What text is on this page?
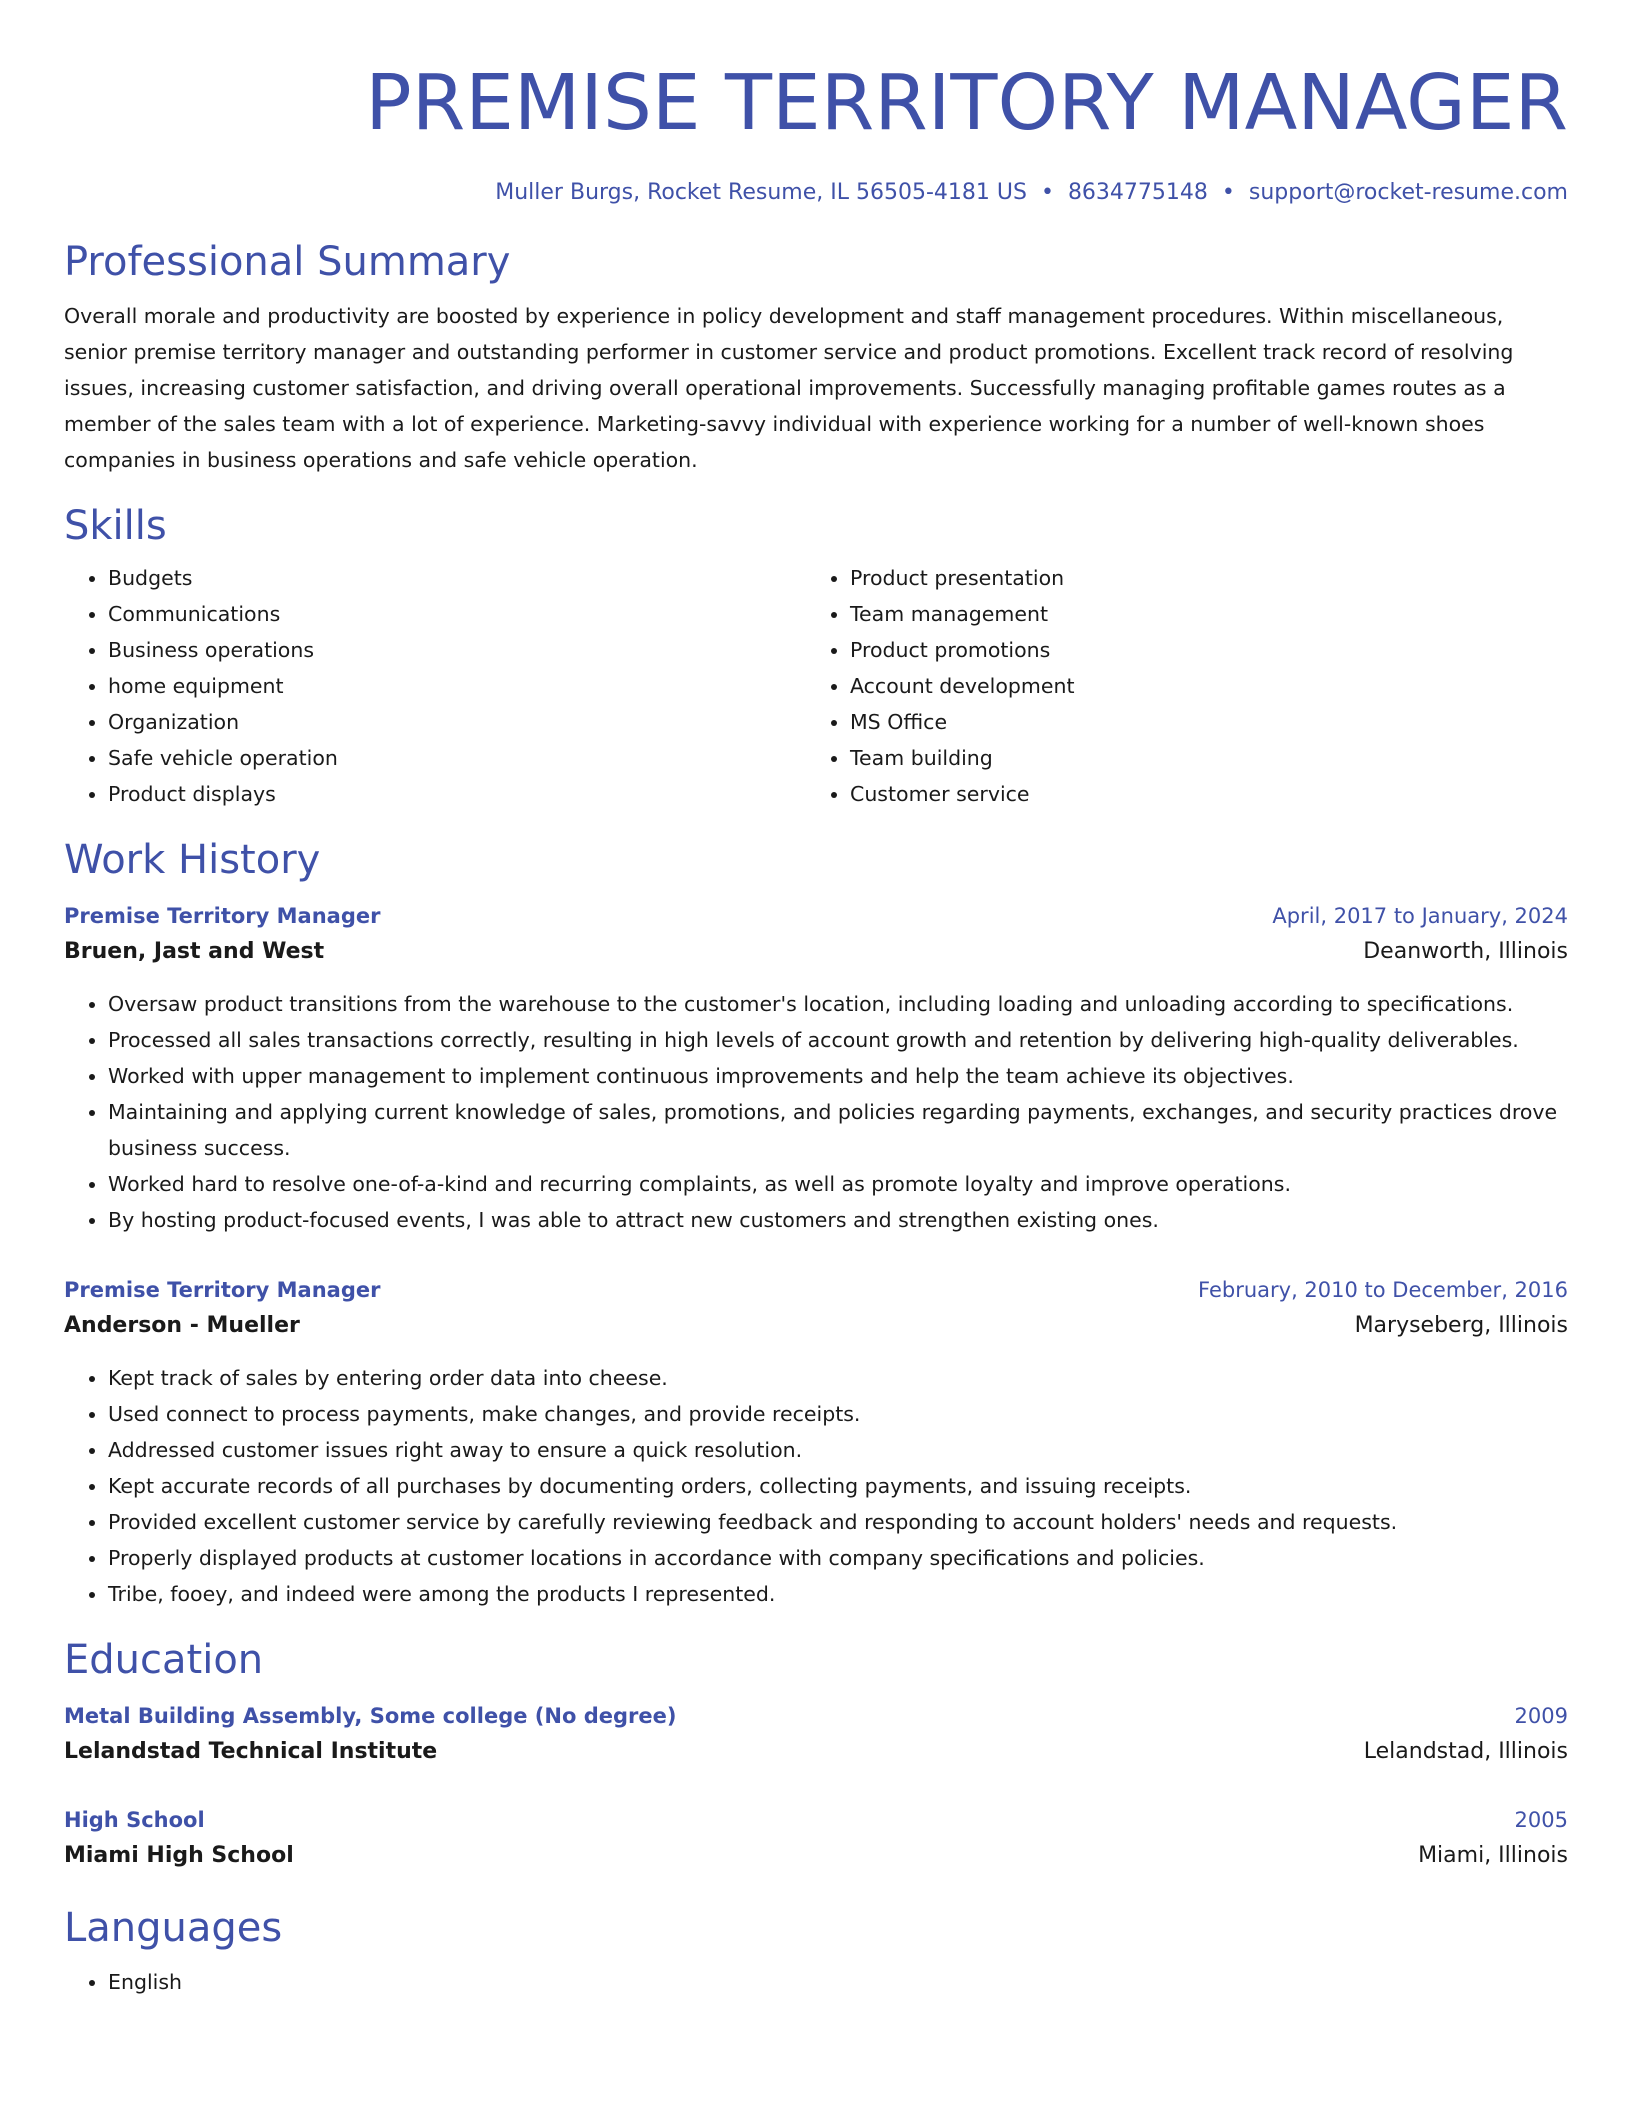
PREMISE TERRITORY MANAGER
Muller Burgs, Rocket Resume, IL 56505-4181 US • 8634775148 • support@rocket-resume.com
Professional Summary
Overall morale and productivity are boosted by experience in policy development and staff management procedures. Within miscellaneous, senior premise territory manager and outstanding performer in customer service and product promotions. Excellent track record of resolving issues, increasing customer satisfaction, and driving overall operational improvements. Successfully managing profitable games routes as a member of the sales team with a lot of experience. Marketing-savvy individual with experience working for a number of well-known shoes companies in business operations and safe vehicle operation.
Skills
• Budgets
• Communications
• Business operations
• home equipment
• Organization
• Safe vehicle operation
• Product displays
• Product presentation
• Team management
• Product promotions
• Account development
• MS Office
• Team building
• Customer service
Work History
Premise Territory Manager	April, 2017 to January, 2024
Bruen, Jast and West	Deanworth, Illinois
• Oversaw product transitions from the warehouse to the customer's location, including loading and unloading according to specifications.
• Processed all sales transactions correctly, resulting in high levels of account growth and retention by delivering high-quality deliverables.
• Worked with upper management to implement continuous improvements and help the team achieve its objectives.
• Maintaining and applying current knowledge of sales, promotions, and policies regarding payments, exchanges, and security practices drove business success.
• Worked hard to resolve one-of-a-kind and recurring complaints, as well as promote loyalty and improve operations.
• By hosting product-focused events, I was able to attract new customers and strengthen existing ones.
Premise Territory Manager	February, 2010 to December, 2016
Anderson - Mueller	Maryseberg, Illinois
• Kept track of sales by entering order data into cheese.
• Used connect to process payments, make changes, and provide receipts.
• Addressed customer issues right away to ensure a quick resolution.
• Kept accurate records of all purchases by documenting orders, collecting payments, and issuing receipts.
• Provided excellent customer service by carefully reviewing feedback and responding to account holders' needs and requests.
• Properly displayed products at customer locations in accordance with company specifications and policies.
• Tribe, fooey, and indeed were among the products I represented.
Education
Metal Building Assembly, Some college (No degree)	2009
Lelandstad Technical Institute	Lelandstad, Illinois
High School	2005
Miami High School	Miami, Illinois
Languages
• English
